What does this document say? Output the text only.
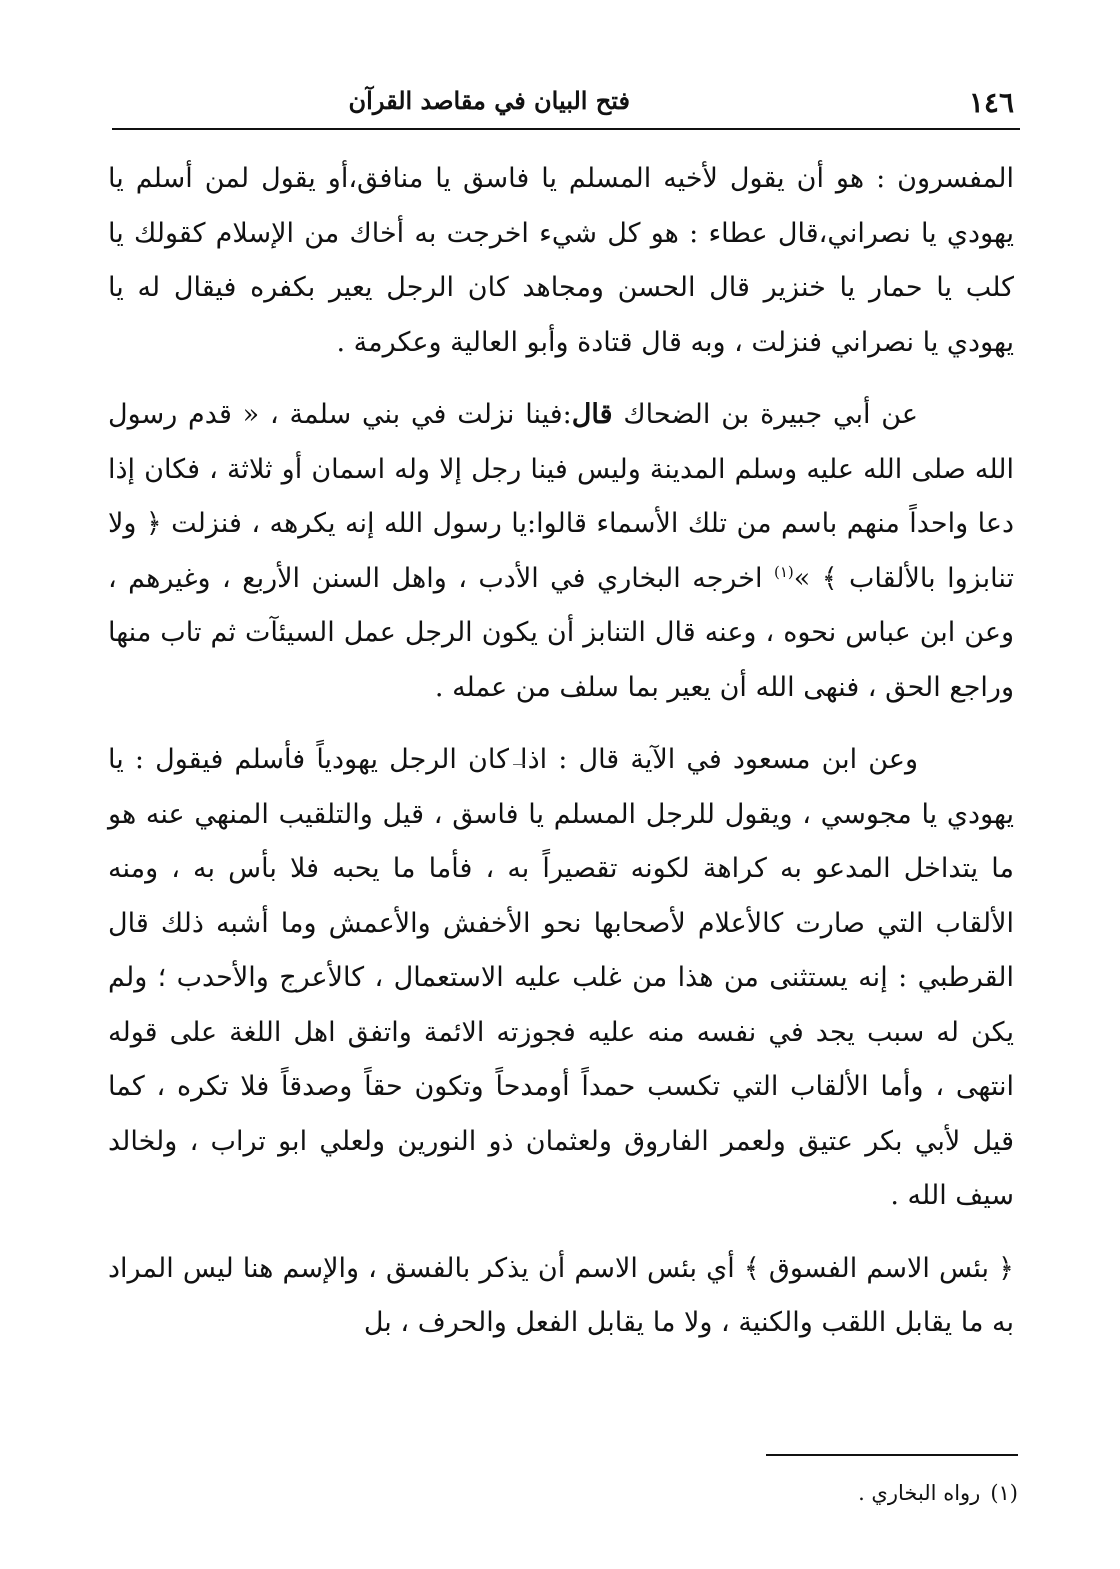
١٤٦
فتح البيان في مقاصد القرآن

المفسرون : هو أن يقول لأخيه المسلم يا فاسق يا منافق،أو يقول لمن أسلم يا يهودي يا نصراني،قال عطاء : هو كل شيء اخرجت به أخاك من الإسلام كقولك يا كلب يا حمار يا خنزير قال الحسن ومجاهد كان الرجل يعير بكفره فيقال له يا يهودي يا نصراني فنزلت ، وبه قال قتادة وأبو العالية وعكرمة .

عن أبي جبيرة بن الضحاك قال:فينا نزلت في بني سلمة ، « قدم رسول الله صلى الله عليه وسلم المدينة وليس فينا رجل إلا وله اسمان أو ثلاثة ، فكان إذا دعا واحداً منهم باسم من تلك الأسماء قالوا:يا رسول الله إنه يكرهه ، فنزلت ﴿ ولا تنابزوا بالألقاب ﴾ »$^{(١)}$ اخرجه البخاري في الأدب ، واهل السنن الأربع ، وغيرهم ، وعن ابن عباس نحوه ، وعنه قال التنابز أن يكون الرجل عمل السيئآت ثم تاب منها وراجع الحق ، فنهى الله أن يعير بما سلف من عمله .

وعن ابن مسعود في الآية قال : اذا كان الرجل يهودياً فأسلم فيقول : يا يهودي يا مجوسي ، ويقول للرجل المسلم يا فاسق ، قيل والتلقيب المنهي عنه هو ما يتداخل المدعو به كراهة لكونه تقصيراً به ، فأما ما يحبه فلا بأس به ، ومنه الألقاب التي صارت كالأعلام لأصحابها نحو الأخفش والأعمش وما أشبه ذلك قال القرطبي : إنه يستثنى من هذا من غلب عليه الاستعمال ، كالأعرج والأحدب ؛ ولم يكن له سبب يجد في نفسه منه عليه فجوزته الائمة واتفق اهل اللغة على قوله انتهى ، وأما الألقاب التي تكسب حمداً أومدحاً وتكون حقاً وصدقاً فلا تكره ، كما قيل لأبي بكر عتيق ولعمر الفاروق ولعثمان ذو النورين ولعلي ابو تراب ، ولخالد سيف الله .

﴿ بئس الاسم الفسوق ﴾ أي بئس الاسم أن يذكر بالفسق ، والإسم هنا ليس المراد به ما يقابل اللقب والكنية ، ولا ما يقابل الفعل والحرف ، بل

(١)رواه البخاري .
